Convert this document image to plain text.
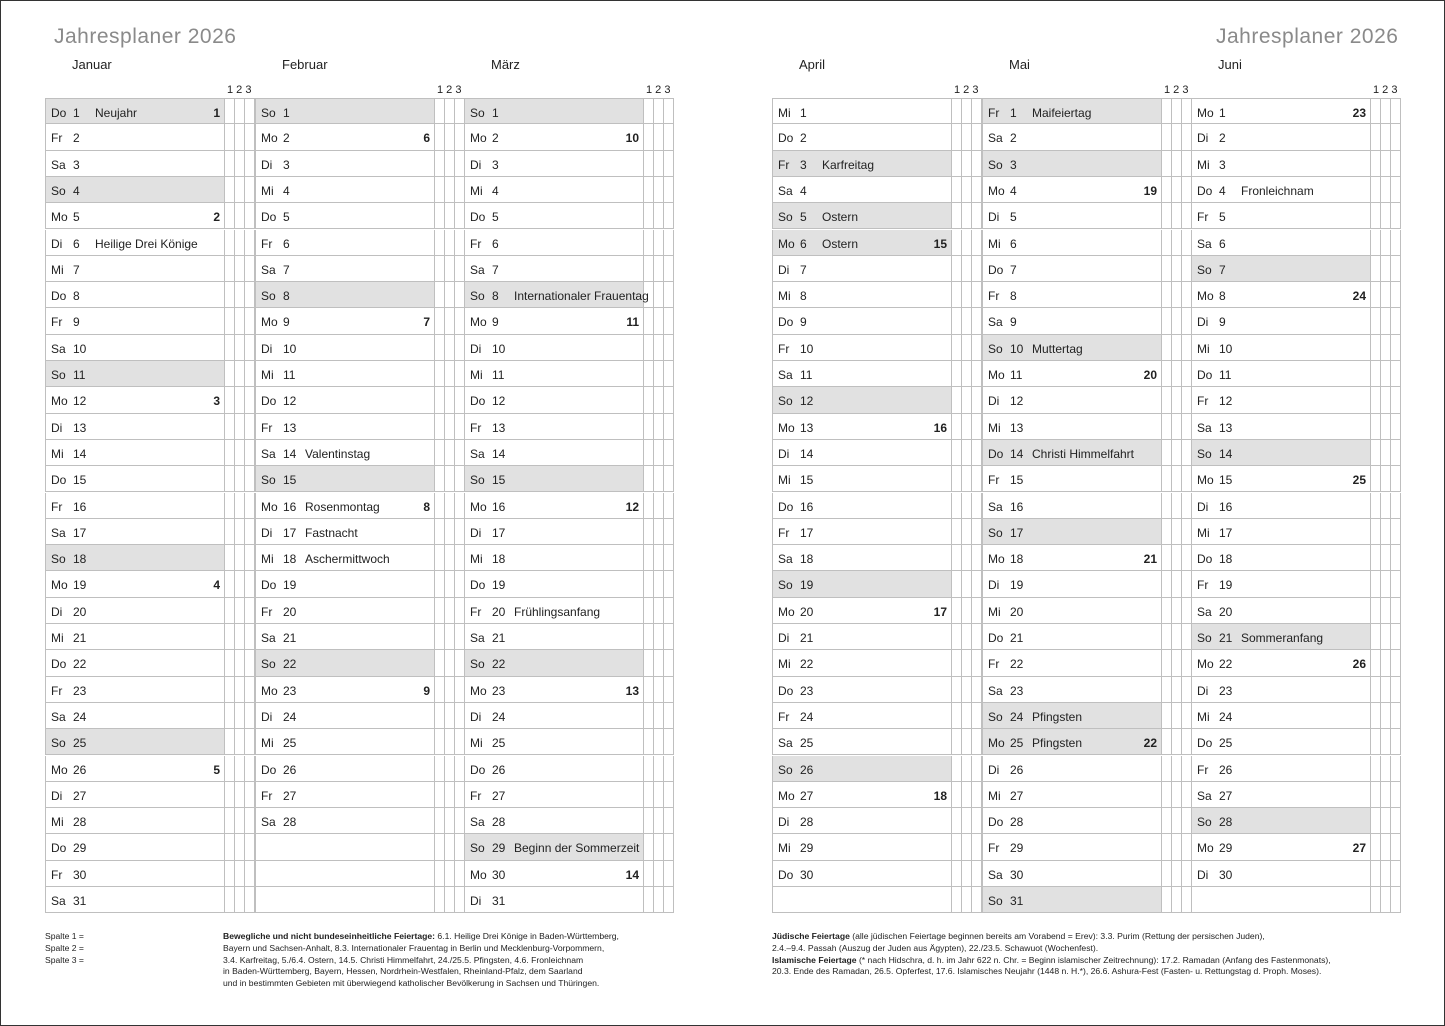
Jahresplaner 2026	Jahresplaner 2026
Januar
1 2 3
Do 1 Neujahr	1
Fr 2
Sa 3
So 4
Mo 5	2
Di 6 Heilige Drei Könige
Mi 7
Do 8
Fr 9
Sa 10
So 11
Mo 12	3
Di 13
Mi 14
Do 15
Fr 16
Sa 17
So 18
Mo 19	4
Di 20
Mi 21
Do 22
Fr 23
Sa 24
So 25
Mo 26	5
Di 27
Mi 28
Do 29
Fr 30
Sa 31
Februar
1 2 3
So 1
Mo 2	6
Di 3
Mi 4
Do 5
Fr 6
Sa 7
So 8
Mo 9	7
Di 10
Mi 11
Do 12
Fr 13
Sa 14 Valentinstag
So 15
Mo 16 Rosenmontag	8
Di 17 Fastnacht
Mi 18 Aschermittwoch
Do 19
Fr 20
Sa 21
So 22
Mo 23	9
Di 24
Mi 25
Do 26
Fr 27
Sa 28
März
1 2 3
So 1
Mo 2	10
Di 3
Mi 4
Do 5
Fr 6
Sa 7
So 8 Internationaler Frauentag
Mo 9	11
Di 10
Mi 11
Do 12
Fr 13
Sa 14
So 15
Mo 16	12
Di 17
Mi 18
Do 19
Fr 20 Frühlingsanfang
Sa 21
So 22
Mo 23	13
Di 24
Mi 25
Do 26
Fr 27
Sa 28
So 29 Beginn der Sommerzeit
Mo 30	14
Di 31
April
1 2 3
Mi 1
Do 2
Fr 3 Karfreitag
Sa 4
So 5 Ostern
Mo 6 Ostern	15
Di 7
Mi 8
Do 9
Fr 10
Sa 11
So 12
Mo 13	16
Di 14
Mi 15
Do 16
Fr 17
Sa 18
So 19
Mo 20	17
Di 21
Mi 22
Do 23
Fr 24
Sa 25
So 26
Mo 27	18
Di 28
Mi 29
Do 30
Mai
1 2 3
Fr 1 Maifeiertag
Sa 2
So 3
Mo 4	19
Di 5
Mi 6
Do 7
Fr 8
Sa 9
So 10 Muttertag
Mo 11	20
Di 12
Mi 13
Do 14 Christi Himmelfahrt
Fr 15
Sa 16
So 17
Mo 18	21
Di 19
Mi 20
Do 21
Fr 22
Sa 23
So 24 Pfingsten
Mo 25 Pfingsten	22
Di 26
Mi 27
Do 28
Fr 29
Sa 30
So 31
Juni
1 2 3
Mo 1	23
Di 2
Mi 3
Do 4 Fronleichnam
Fr 5
Sa 6
So 7
Mo 8	24
Di 9
Mi 10
Do 11
Fr 12
Sa 13
So 14
Mo 15	25
Di 16
Mi 17
Do 18
Fr 19
Sa 20
So 21 Sommeranfang
Mo 22	26
Di 23
Mi 24
Do 25
Fr 26
Sa 27
So 28
Mo 29	27
Di 30
Spalte 1 =
Spalte 2 =
Spalte 3 =
Bewegliche und nicht bundeseinheitliche Feiertage: 6.1. Heilige Drei Könige in Baden-Württemberg,
Bayern und Sachsen-Anhalt, 8.3. Internationaler Frauentag in Berlin und Mecklenburg-Vorpommern,
3.4. Karfreitag, 5./6.4. Ostern, 14.5. Christi Himmelfahrt, 24./25.5. Pfingsten, 4.6. Fronleichnam
in Baden-Württemberg, Bayern, Hessen, Nordrhein-Westfalen, Rheinland-Pfalz, dem Saarland
und in bestimmten Gebieten mit überwiegend katholischer Bevölkerung in Sachsen und Thüringen.
Jüdische Feiertage (alle jüdischen Feiertage beginnen bereits am Vorabend = Erev): 3.3. Purim (Rettung der persischen Juden),
2.4.–9.4. Passah (Auszug der Juden aus Ägypten), 22./23.5. Schawuot (Wochenfest).
Islamische Feiertage (* nach Hidschra, d. h. im Jahr 622 n. Chr. = Beginn islamischer Zeitrechnung): 17.2. Ramadan (Anfang des Fastenmonats),
20.3. Ende des Ramadan, 26.5. Opferfest, 17.6. Islamisches Neujahr (1448 n. H.*), 26.6. Ashura-Fest (Fasten- u. Rettungstag d. Proph. Moses).
